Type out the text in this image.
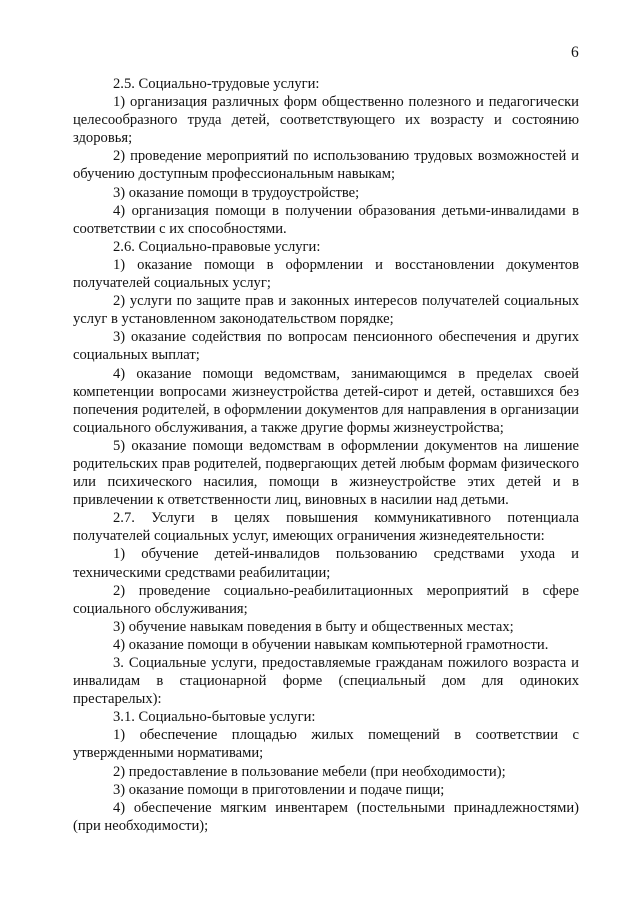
6

2.5. Социально-трудовые услуги:

1) организация различных форм общественно полезного и педагогически целесообразного труда детей, соответствующего их возрасту и состоянию здоровья;

2) проведение мероприятий по использованию трудовых возможностей и обучению доступным профессиональным навыкам;

3) оказание помощи в трудоустройстве;

4) организация помощи в получении образования детьми-инвалидами в соответствии с их способностями.

2.6. Социально-правовые услуги:

1) оказание помощи в оформлении и восстановлении документов получателей социальных услуг;

2) услуги по защите прав и законных интересов получателей социальных услуг в установленном законодательством порядке;

3) оказание содействия по вопросам пенсионного обеспечения и других социальных выплат;

4) оказание помощи ведомствам, занимающимся в пределах своей компетенции вопросами жизнеустройства детей-сирот и детей, оставшихся без попечения родителей, в оформлении документов для направления в организации социального обслуживания, а также другие формы жизнеустройства;

5) оказание помощи ведомствам в оформлении документов на лишение родительских прав родителей, подвергающих детей любым формам физического или психического насилия, помощи в жизнеустройстве этих детей и в привлечении к ответственности лиц, виновных в насилии над детьми.

2.7. Услуги в целях повышения коммуникативного потенциала получателей социальных услуг, имеющих ограничения жизнедеятельности:

1) обучение детей-инвалидов пользованию средствами ухода и техническими средствами реабилитации;

2) проведение социально-реабилитационных мероприятий в сфере социального обслуживания;

3) обучение навыкам поведения в быту и общественных местах;

4) оказание помощи в обучении навыкам компьютерной грамотности.

3. Социальные услуги, предоставляемые гражданам пожилого возраста и инвалидам в стационарной форме (специальный дом для одиноких престарелых):

3.1. Социально-бытовые услуги:

1) обеспечение площадью жилых помещений в соответствии с утвержденными нормативами;

2) предоставление в пользование мебели (при необходимости);

3) оказание помощи в приготовлении и подаче пищи;

4) обеспечение мягким инвентарем (постельными принадлежностями) (при необходимости);
